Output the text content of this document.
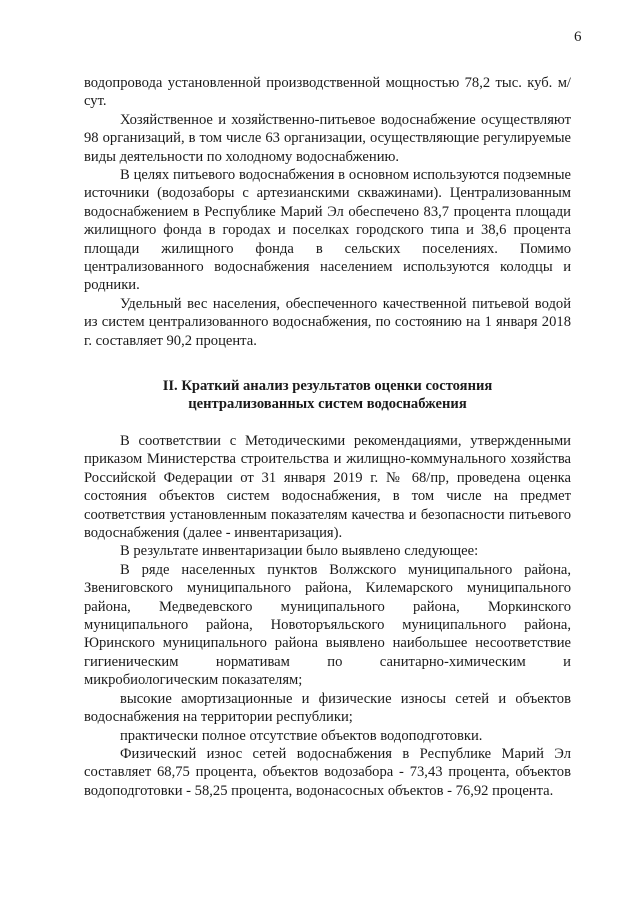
6

водопровода установленной производственной мощностью 78,2 тыс. куб. м/сут.

Хозяйственное и хозяйственно-питьевое водоснабжение осуществляют 98 организаций, в том числе 63 организации, осуществляющие регулируемые виды деятельности по холодному водоснабжению.

В целях питьевого водоснабжения в основном используются подземные источники (водозаборы с артезианскими скважинами). Централизованным водоснабжением в Республике Марий Эл обеспечено 83,7 процента площади жилищного фонда в городах и поселках городского типа и 38,6 процента площади жилищного фонда в сельских поселениях. Помимо централизованного водоснабжения населением используются колодцы и родники.

Удельный вес населения, обеспеченного качественной питьевой водой из систем централизованного водоснабжения, по состоянию на 1 января 2018 г. составляет 90,2 процента.

II. Краткий анализ результатов оценки состояния

централизованных систем водоснабжения

В соответствии с Методическими рекомендациями, утвержденными приказом Министерства строительства и жилищно-коммунального хозяйства Российской Федерации от 31 января 2019 г. № 68/пр, проведена оценка состояния объектов систем водоснабжения, в том числе на предмет соответствия установленным показателям качества и безопасности питьевого водоснабжения (далее - инвентаризация).

В результате инвентаризации было выявлено следующее:

В ряде населенных пунктов Волжского муниципального района, Звениговского муниципального района, Килемарского муниципального района, Медведевского муниципального района, Моркинского муниципального района, Новоторъяльского муниципального района, Юринского муниципального района выявлено наибольшее несоответствие гигиеническим нормативам по санитарно-химическим и микробиологическим показателям;

высокие амортизационные и физические износы сетей и объектов водоснабжения на территории республики;

практически полное отсутствие объектов водоподготовки.

Физический износ сетей водоснабжения в Республике Марий Эл составляет 68,75 процента, объектов водозабора - 73,43 процента, объектов водоподготовки - 58,25 процента, водонасосных объектов - 76,92 процента.
